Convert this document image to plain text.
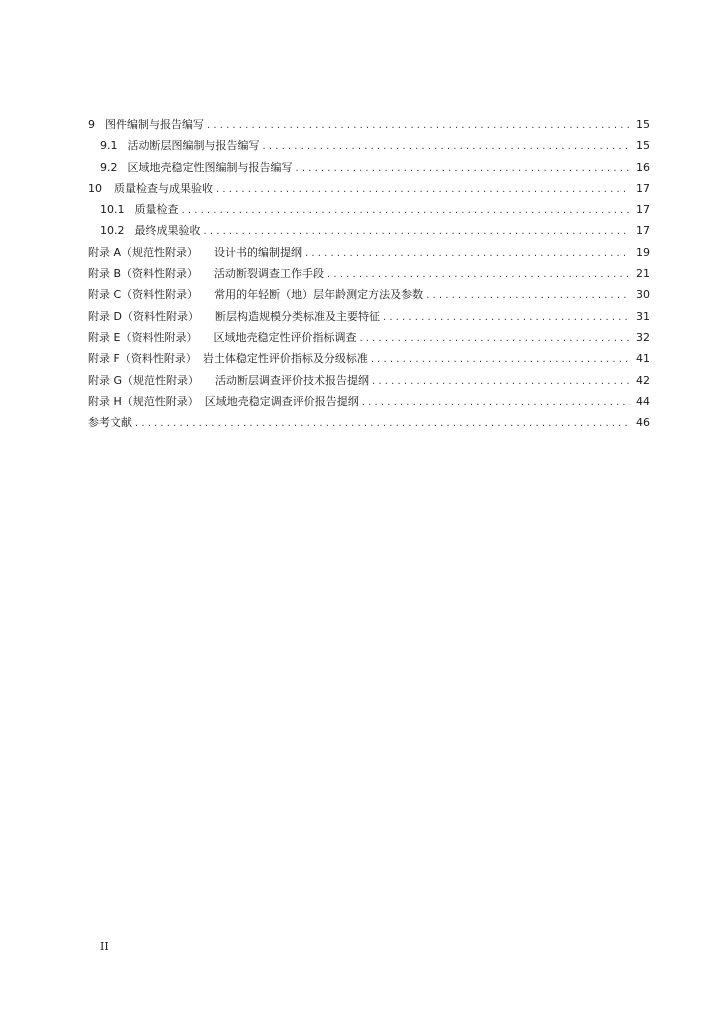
9 图件编制与报告编写 . . .	15
9.1 活动断层图编制与报告编写 . . .	15
9.2 区域地壳稳定性图编制与报告编写 . . .	16
10 质量检查与成果验收 . . .	17
10.1 质量检查 . . .	17
10.2 最终成果验收 . . .	17
附录 A（规范性附录） 设计书的编制提纲 . . .	19
附录 B（资料性附录） 活动断裂调查工作手段 . . .	21
附录 C（资料性附录） 常用的年轻断（地）层年龄测定方法及参数 . . .	30
附录 D（资料性附录） 断层构造规模分类标准及主要特征 . . .	31
附录 E（资料性附录） 区域地壳稳定性评价指标调查 . . .	32
附录 F（资料性附录） 岩土体稳定性评价指标及分级标准 . . .	41
附录 G（规范性附录） 活动断层调查评价技术报告提纲 . . .	42
附录 H（规范性附录） 区域地壳稳定调查评价报告提纲 . . .	44
参考文献 . . .	46
II
